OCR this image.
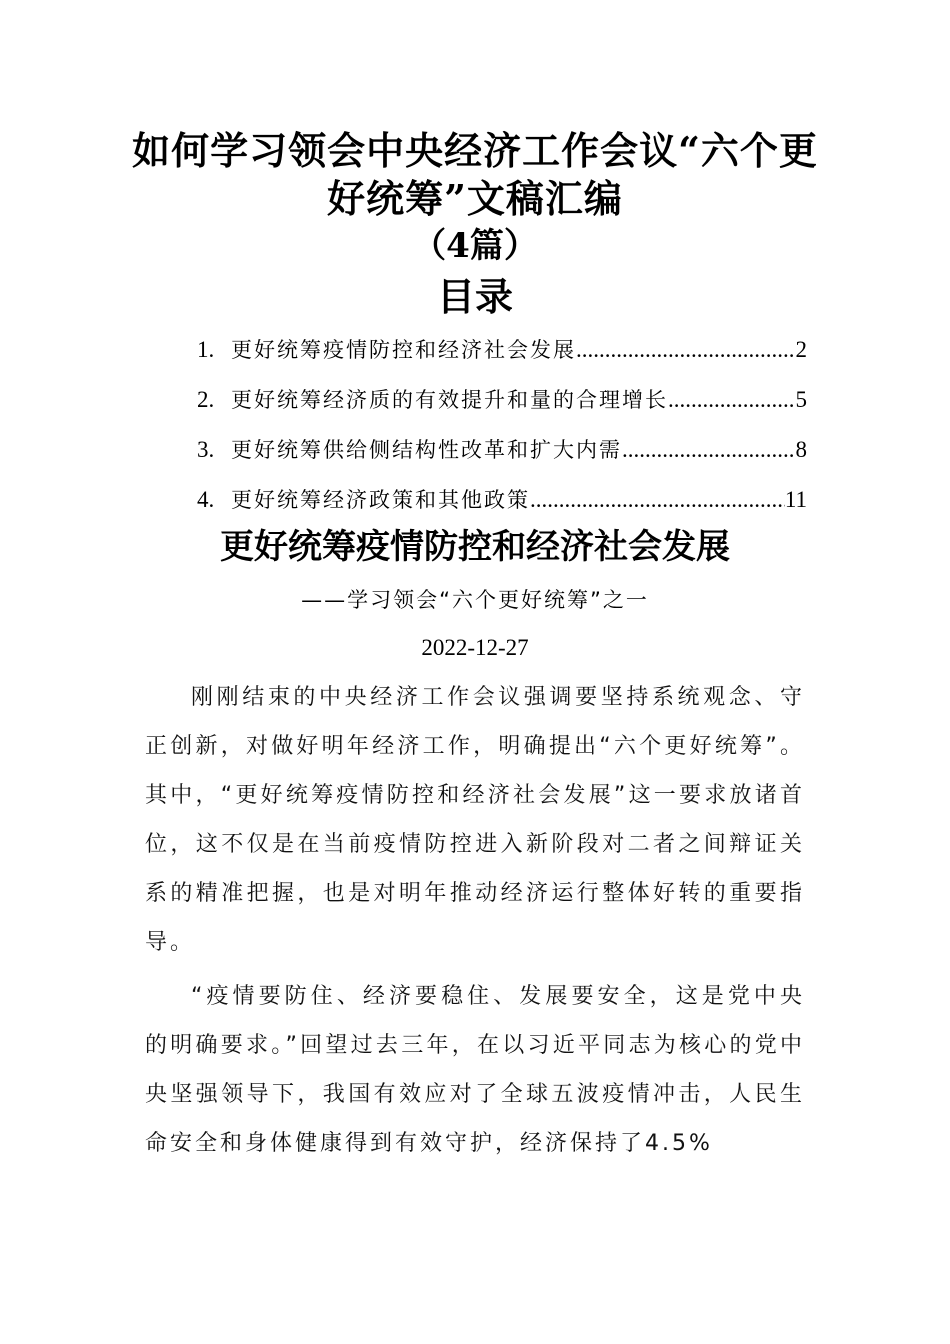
如何学习领会中央经济工作会议“六个更
好统筹”文稿汇编
（4篇）
目录
1. 更好统筹疫情防控和经济社会发展 .....	2
2. 更好统筹经济质的有效提升和量的合理增长 .....	5
3. 更好统筹供给侧结构性改革和扩大内需 .....	8
4. 更好统筹经济政策和其他政策 .....	11
更好统筹疫情防控和经济社会发展
——学习领会“六个更好统筹”之一
2022-12-27

刚刚结束的中央经济工作会议强调要坚持系统观念、守正创新，对做好明年经济工作，明确提出“六个更好统筹”。其中，“更好统筹疫情防控和经济社会发展”这一要求放诸首位，这不仅是在当前疫情防控进入新阶段对二者之间辩证关系的精准把握，也是对明年推动经济运行整体好转的重要指导。

“疫情要防住、经济要稳住、发展要安全，这是党中央的明确要求。”回望过去三年，在以习近平同志为核心的党中央坚强领导下，我国有效应对了全球五波疫情冲击，人民生命安全和身体健康得到有效守护，经济保持了4.5%
